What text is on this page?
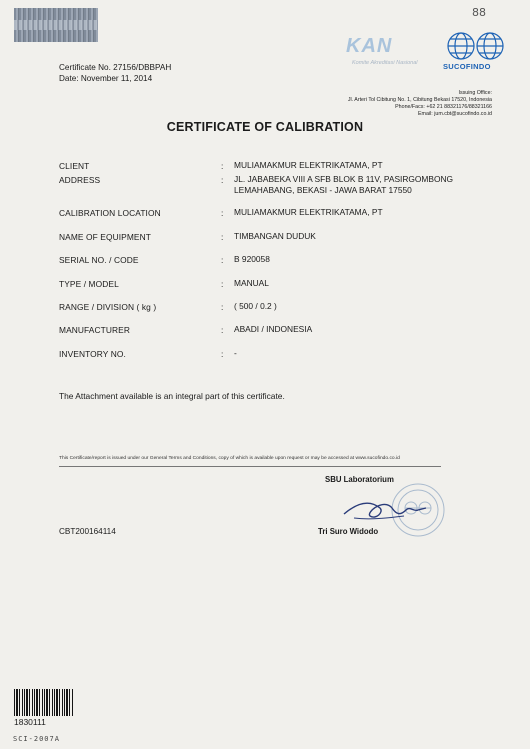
88
Certificate No. 27156/DBBPAH
Date: November 11, 2014
KAN
Komite Akreditasi Nasional	SUCOFINDO
Issuing Office:
Jl. Arteri Tol Cibitung No. 1, Cibitung Bekasi 17520, Indonesia
Phone/Facs: +62 21 88321176/88321166
Email: jum.cbt@sucofindo.co.id
CERTIFICATE OF CALIBRATION
CLIENT	: MULIAMAKMUR ELEKTRIKATAMA, PT
ADDRESS	: JL. JABABEKA VIII A SFB BLOK B 11V, PASIRGOMBONG
LEMAHABANG, BEKASI - JAWA BARAT 17550
CALIBRATION LOCATION	: MULIAMAKMUR ELEKTRIKATAMA, PT
NAME OF EQUIPMENT	: TIMBANGAN DUDUK
SERIAL NO. / CODE	: B 920058
TYPE / MODEL	: MANUAL
RANGE / DIVISION ( kg )	: ( 500 / 0.2 )
MANUFACTURER	: ABADI / INDONESIA
INVENTORY NO.	: -
The Attachment available is an integral part of this certificate.
This Certificate/report is issued under our General Terms and Conditions, copy of which is available upon request or may be accessed at www.sucofindo.co.id
SBU Laboratorium
Tri Suro Widodo
CBT200164114
1830111
SCI-2007A
